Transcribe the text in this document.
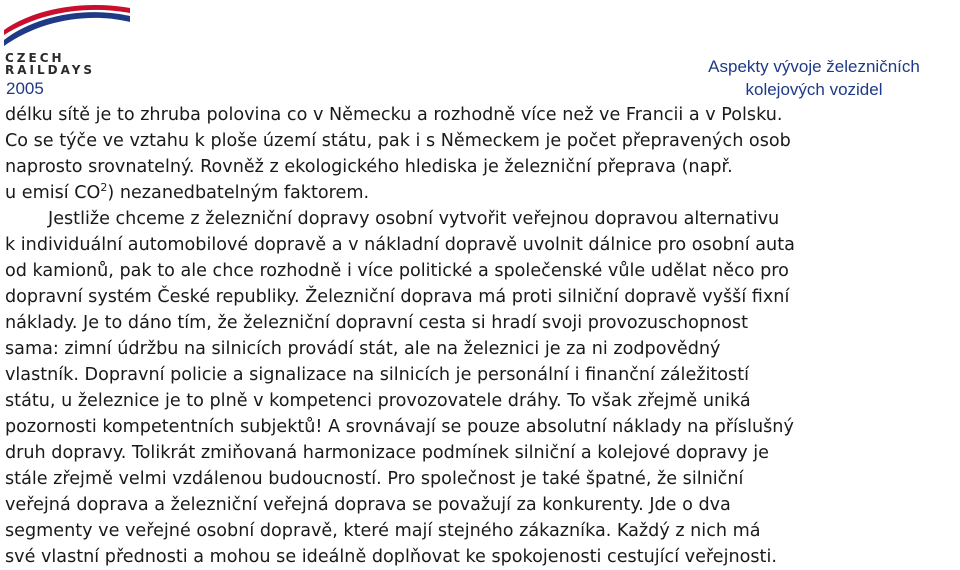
CZECH
RAILDAYS
2005
Aspekty vývoje železničních
kolejových vozidel
délku sítě je to zhruba polovina co v Německu a rozhodně více než ve Francii a v Polsku.
Co se týče ve vztahu k ploše území státu, pak i s Německem je počet přepravených osob
naprosto srovnatelný. Rovněž z ekologického hlediska je železniční přeprava (např.
u emisí $CO^2$) nezanedbatelným faktorem.
Jestliže chceme z železniční dopravy osobní vytvořit veřejnou dopravou alternativu
k individuální automobilové dopravě a v nákladní dopravě uvolnit dálnice pro osobní auta
od kamionů, pak to ale chce rozhodně i více politické a společenské vůle udělat něco pro
dopravní systém České republiky. Železniční doprava má proti silniční dopravě vyšší fixní
náklady. Je to dáno tím, že železniční dopravní cesta si hradí svoji provozuschopnost
sama: zimní údržbu na silnicích provádí stát, ale na železnici je za ni zodpovědný
vlastník. Dopravní policie a signalizace na silnicích je personální i finanční záležitostí
státu, u železnice je to plně v kompetenci provozovatele dráhy. To však zřejmě uniká
pozornosti kompetentních subjektů! A srovnávají se pouze absolutní náklady na příslušný
druh dopravy. Tolikrát zmiňovaná harmonizace podmínek silniční a kolejové dopravy je
stále zřejmě velmi vzdálenou budoucností. Pro společnost je také špatné, že silniční
veřejná doprava a železniční veřejná doprava se považují za konkurenty. Jde o dva
segmenty ve veřejné osobní dopravě, které mají stejného zákazníka. Každý z nich má
své vlastní přednosti a mohou se ideálně doplňovat ke spokojenosti cestující veřejnosti.
